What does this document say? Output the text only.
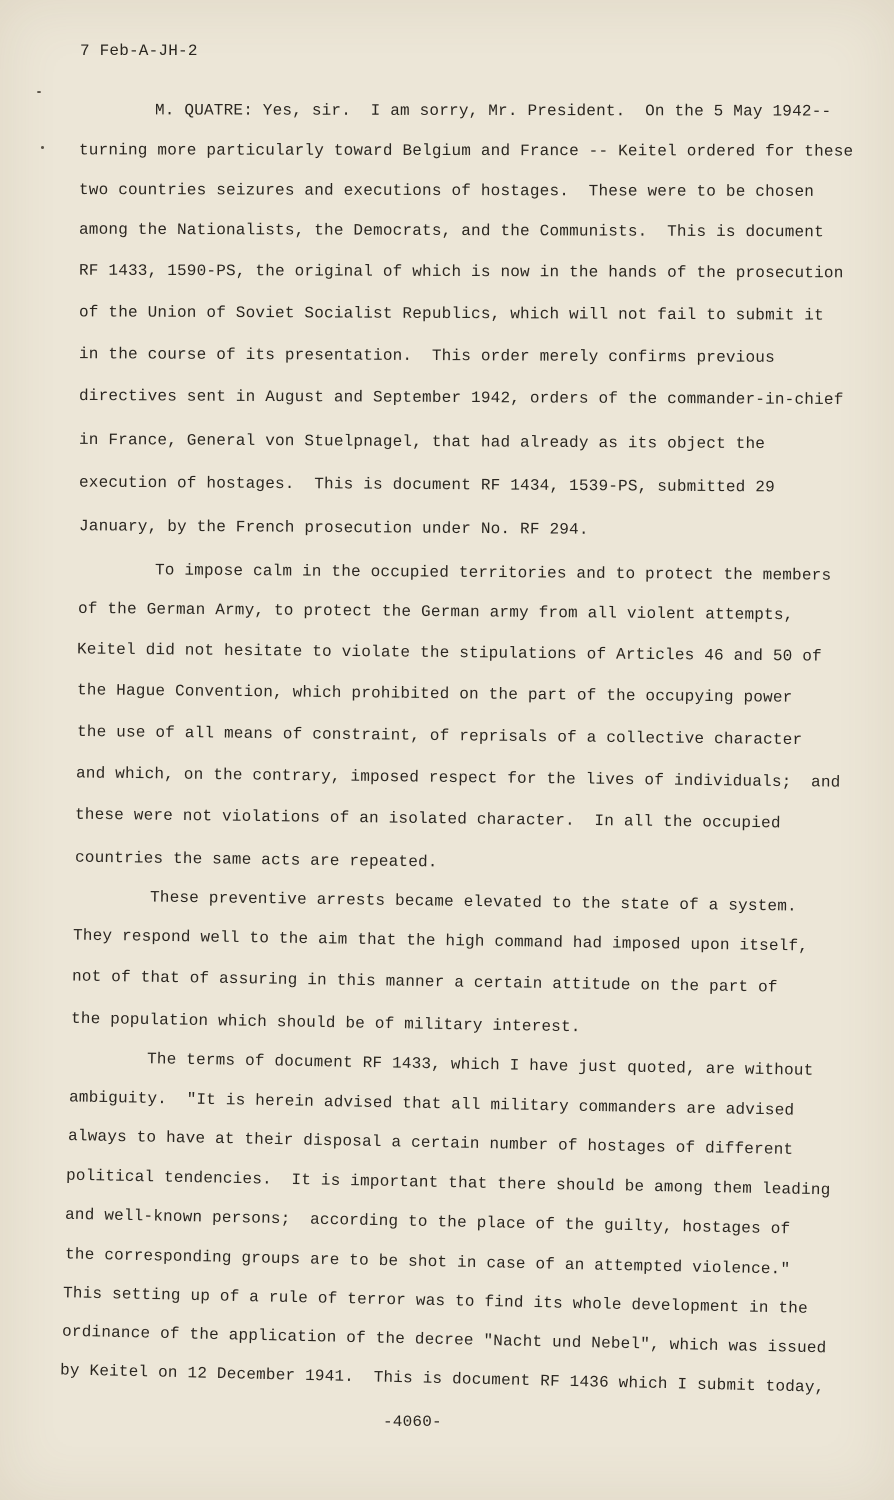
7 Feb-A-JH-2

M. QUATRE: Yes, sir.  I am sorry, Mr. President.  On the 5 May 1942--

turning more particularly toward Belgium and France -- Keitel ordered for these

two countries seizures and executions of hostages.  These were to be chosen

among the Nationalists, the Democrats, and the Communists.  This is document

RF 1433, 1590-PS, the original of which is now in the hands of the prosecution

of the Union of Soviet Socialist Republics, which will not fail to submit it

in the course of its presentation.  This order merely confirms previous

directives sent in August and September 1942, orders of the commander-in-chief

in France, General von Stuelpnagel, that had already as its object the

execution of hostages.  This is document RF 1434, 1539-PS, submitted 29

January, by the French prosecution under No. RF 294.

To impose calm in the occupied territories and to protect the members

of the German Army, to protect the German army from all violent attempts,

Keitel did not hesitate to violate the stipulations of Articles 46 and 50 of

the Hague Convention, which prohibited on the part of the occupying power

the use of all means of constraint, of reprisals of a collective character

and which, on the contrary, imposed respect for the lives of individuals;  and

these were not violations of an isolated character.  In all the occupied

countries the same acts are repeated.

These preventive arrests became elevated to the state of a system.

They respond well to the aim that the high command had imposed upon itself,

not of that of assuring in this manner a certain attitude on the part of

the population which should be of military interest.

The terms of document RF 1433, which I have just quoted, are without

ambiguity.  "It is herein advised that all military commanders are advised

always to have at their disposal a certain number of hostages of different

political tendencies.  It is important that there should be among them leading

and well-known persons;  according to the place of the guilty, hostages of

the corresponding groups are to be shot in case of an attempted violence."

This setting up of a rule of terror was to find its whole development in the

ordinance of the application of the decree "Nacht und Nebel", which was issued

by Keitel on 12 December 1941.  This is document RF 1436 which I submit today,

-4060-
